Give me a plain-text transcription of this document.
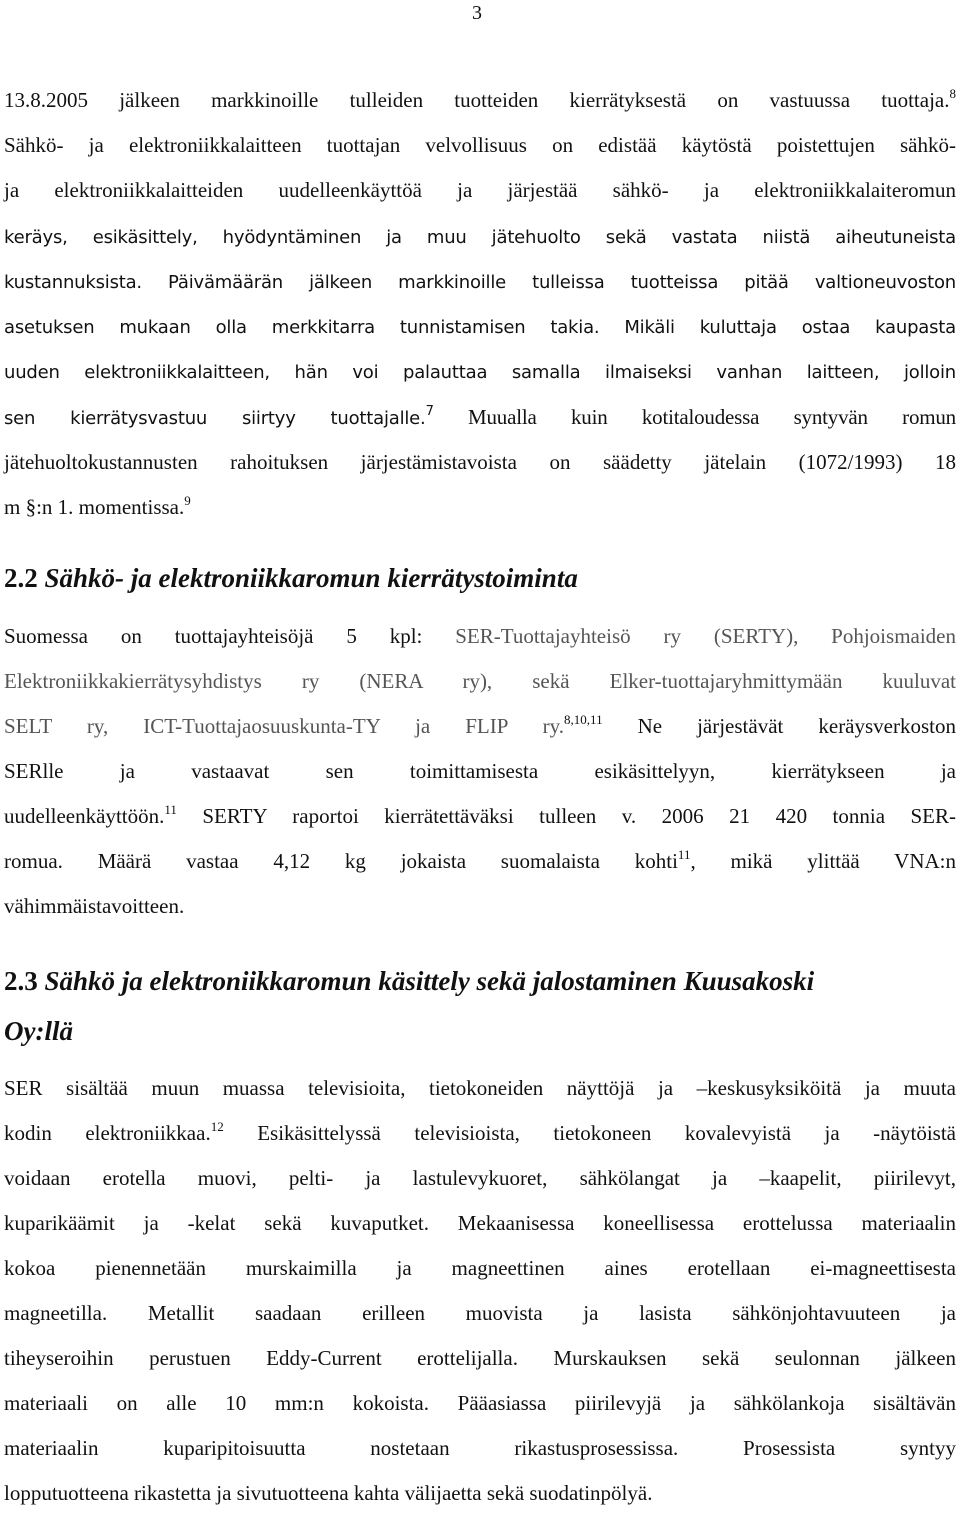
3
13.8.2005 jälkeen markkinoille tulleiden tuotteiden kierrätyksestä on vastuussa tuottaja.$^8$
Sähkö- ja elektroniikkalaitteen tuottajan velvollisuus on edistää käytöstä poistettujen sähkö-
ja elektroniikkalaitteiden uudelleenkäyttöä ja järjestää sähkö- ja elektroniikkalaiteromun
keräys, esikäsittely, hyödyntäminen ja muu jätehuolto sekä vastata niistä aiheutuneista
kustannuksista. Päivämäärän jälkeen markkinoille tulleissa tuotteissa pitää valtioneuvoston
asetuksen mukaan olla merkkitarra tunnistamisen takia. Mikäli kuluttaja ostaa kaupasta
uuden elektroniikkalaitteen, hän voi palauttaa samalla ilmaiseksi vanhan laitteen, jolloin
sen kierrätysvastuu siirtyy tuottajalle.$^7$ Muualla kuin kotitaloudessa syntyvän romun
jätehuoltokustannusten rahoituksen järjestämistavoista on säädetty jätelain (1072/1993) 18
m §:n 1. momentissa.$^9$
2.2 Sähkö- ja elektroniikkaromun kierrätystoiminta
Suomessa on tuottajayhteisöjä 5 kpl: SER-Tuottajayhteisö ry (SERTY), Pohjoismaiden
Elektroniikkakierrätysyhdistys ry (NERA ry), sekä Elker-tuottajaryhmittymään kuuluvat
SELT ry, ICT-Tuottajaosuuskunta-TY ja FLIP ry.$^{8,10,11}$ Ne järjestävät keräysverkoston
SERlle ja vastaavat sen toimittamisesta esikäsittelyyn, kierrätykseen ja
uudelleenkäyttöön.$^{11}$ SERTY raportoi kierrätettäväksi tulleen v. 2006 21 420 tonnia SER-
romua. Määrä vastaa 4,12 kg jokaista suomalaista kohti$^{11}$, mikä ylittää VNA:n
vähimmäistavoitteen.
2.3 Sähkö ja elektroniikkaromun käsittely sekä jalostaminen Kuusakoski
Oy:llä
SER sisältää muun muassa televisioita, tietokoneiden näyttöjä ja –keskusyksiköitä ja muuta
kodin elektroniikkaa.$^{12}$ Esikäsittelyssä televisioista, tietokoneen kovalevyistä ja -näytöistä
voidaan erotella muovi, pelti- ja lastulevykuoret, sähkölangat ja –kaapelit, piirilevyt,
kuparikäämit ja -kelat sekä kuvaputket. Mekaanisessa koneellisessa erottelussa materiaalin
kokoa pienennetään murskaimilla ja magneettinen aines erotellaan ei-magneettisesta
magneetilla. Metallit saadaan erilleen muovista ja lasista sähkönjohtavuuteen ja
tiheyseroihin perustuen Eddy-Current erottelijalla. Murskauksen sekä seulonnan jälkeen
materiaali on alle 10 mm:n kokoista. Pääasiassa piirilevyjä ja sähkölankoja sisältävän
materiaalin kuparipitoisuutta nostetaan rikastusprosessissa. Prosessista syntyy
lopputuotteena rikastetta ja sivutuotteena kahta välijaetta sekä suodatinpölyä.
